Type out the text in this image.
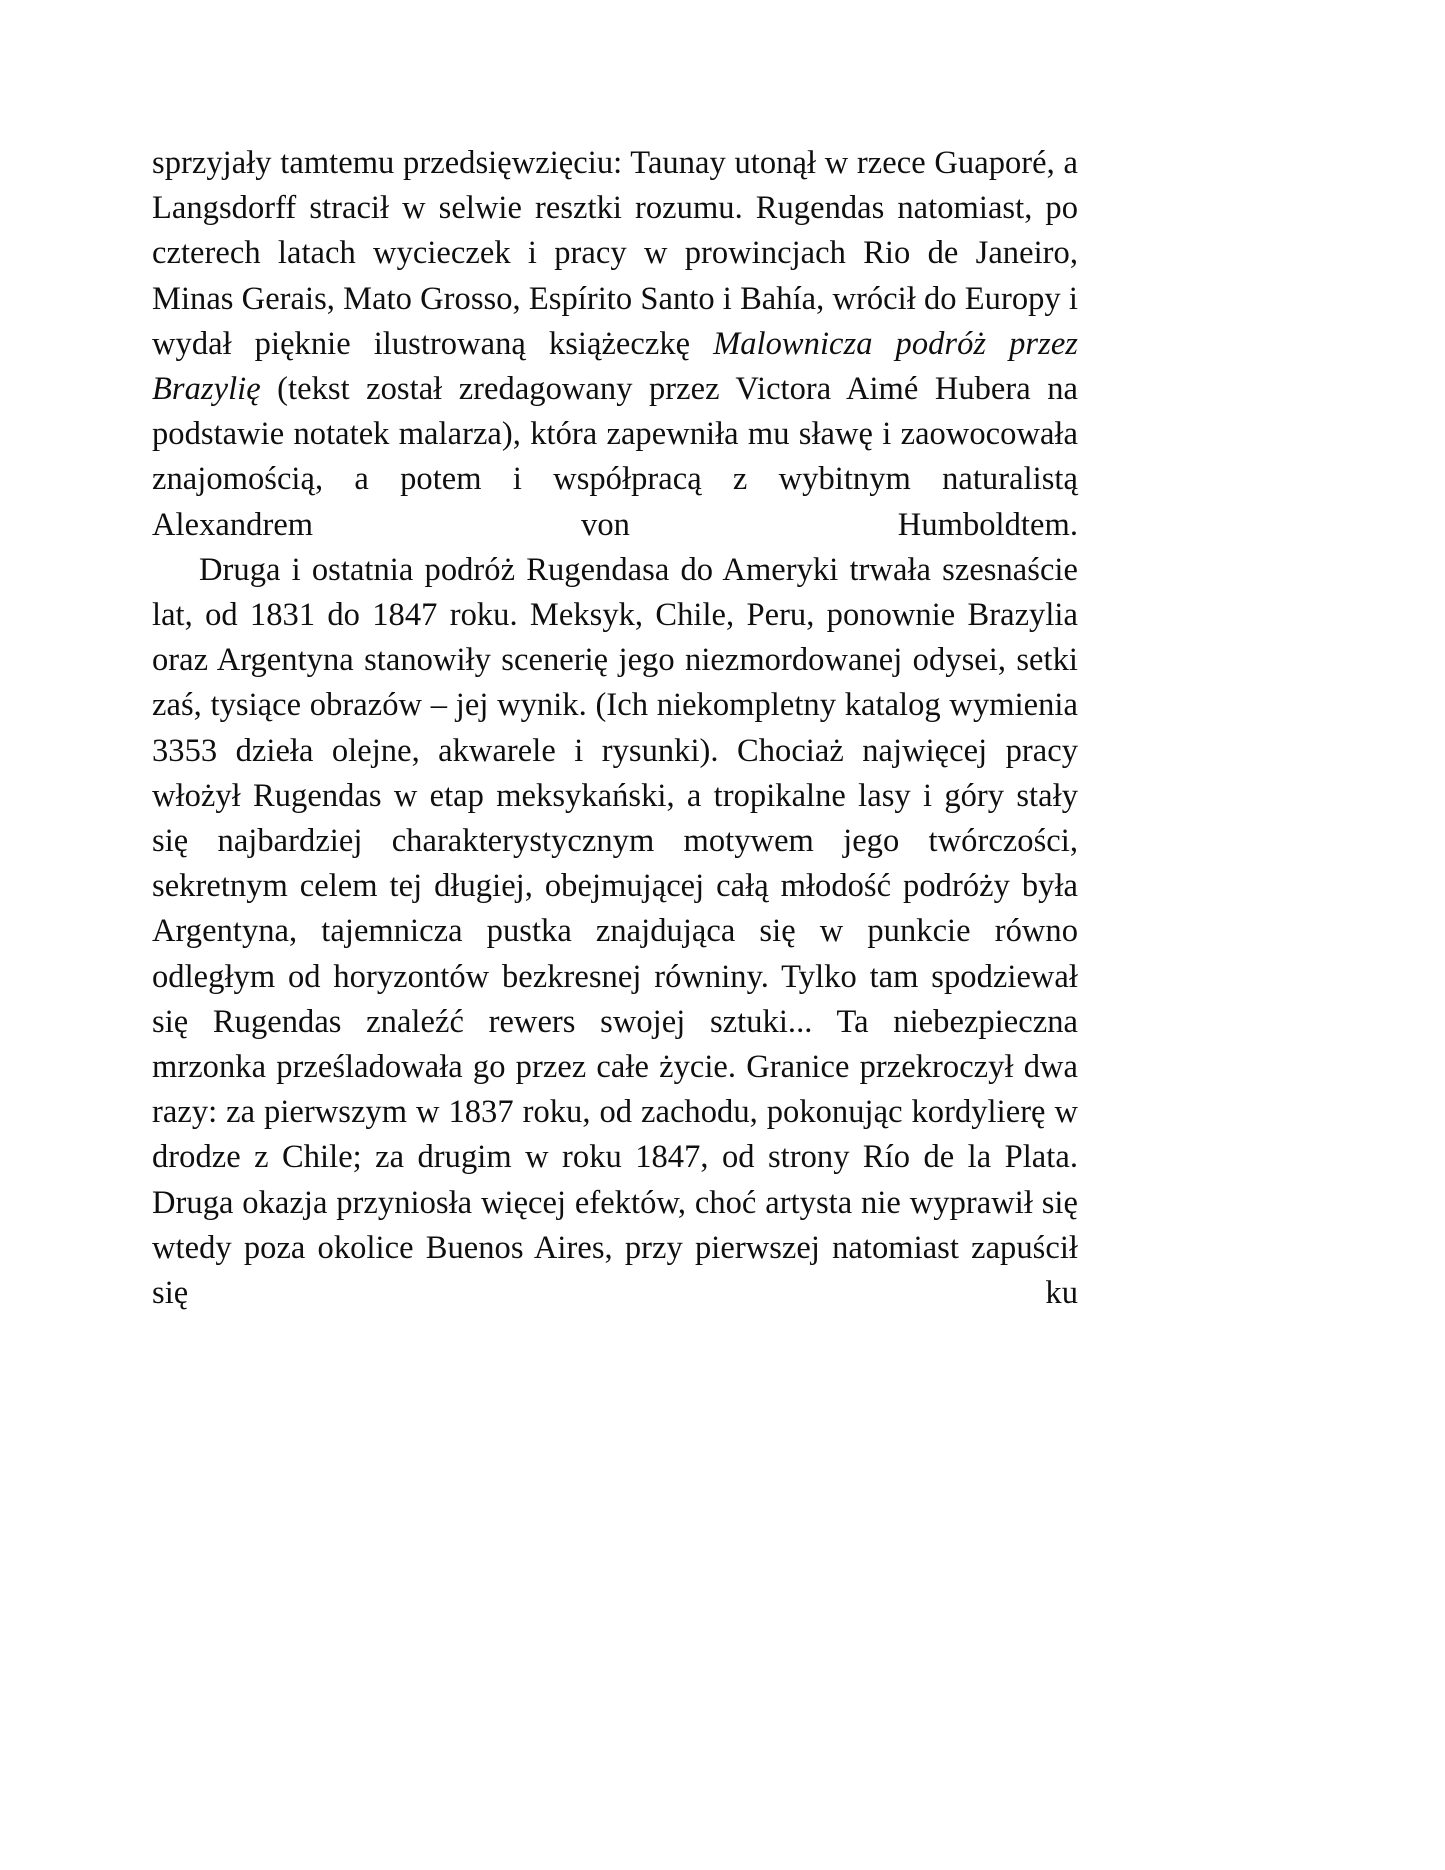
sprzyjały tamtemu przedsięwzięciu: Taunay utonął w rzece Guaporé, a Langsdorff stracił w selwie resztki rozumu. Rugendas natomiast, po czterech latach wycieczek i pracy w prowincjach Rio de Janeiro, Minas Gerais, Mato Grosso, Espírito Santo i Bahía, wrócił do Europy i wydał pięknie ilustrowaną książeczkę Malownicza podróż przez Brazylię (tekst został zredagowany przez Victora Aimé Hubera na podstawie notatek malarza), która zapewniła mu sławę i zaowocowała znajomością, a potem i współpracą z wybitnym naturalistą Alexandrem von Humboldtem.

Druga i ostatnia podróż Rugendasa do Ameryki trwała szesnaście lat, od 1831 do 1847 roku. Meksyk, Chile, Peru, ponownie Brazylia oraz Argentyna stanowiły scenerię jego niezmordowanej odysei, setki zaś, tysiące obrazów – jej wynik. (Ich niekompletny katalog wymienia 3353 dzieła olejne, akwarele i rysunki). Chociaż najwięcej pracy włożył Rugendas w etap meksykański, a tropikalne lasy i góry stały się najbardziej charakterystycznym motywem jego twórczości, sekretnym celem tej długiej, obejmującej całą młodość podróży była Argentyna, tajemnicza pustka znajdująca się w punkcie równo odległym od horyzontów bezkresnej równiny. Tylko tam spodziewał się Rugendas znaleźć rewers swojej sztuki... Ta niebezpieczna mrzonka prześladowała go przez całe życie. Granice przekroczył dwa razy: za pierwszym w 1837 roku, od zachodu, pokonując kordylierę w drodze z Chile; za drugim w roku 1847, od strony Río de la Plata. Druga okazja przyniosła więcej efektów, choć artysta nie wyprawił się wtedy poza okolice Buenos Aires, przy pierwszej natomiast zapuścił się ku
